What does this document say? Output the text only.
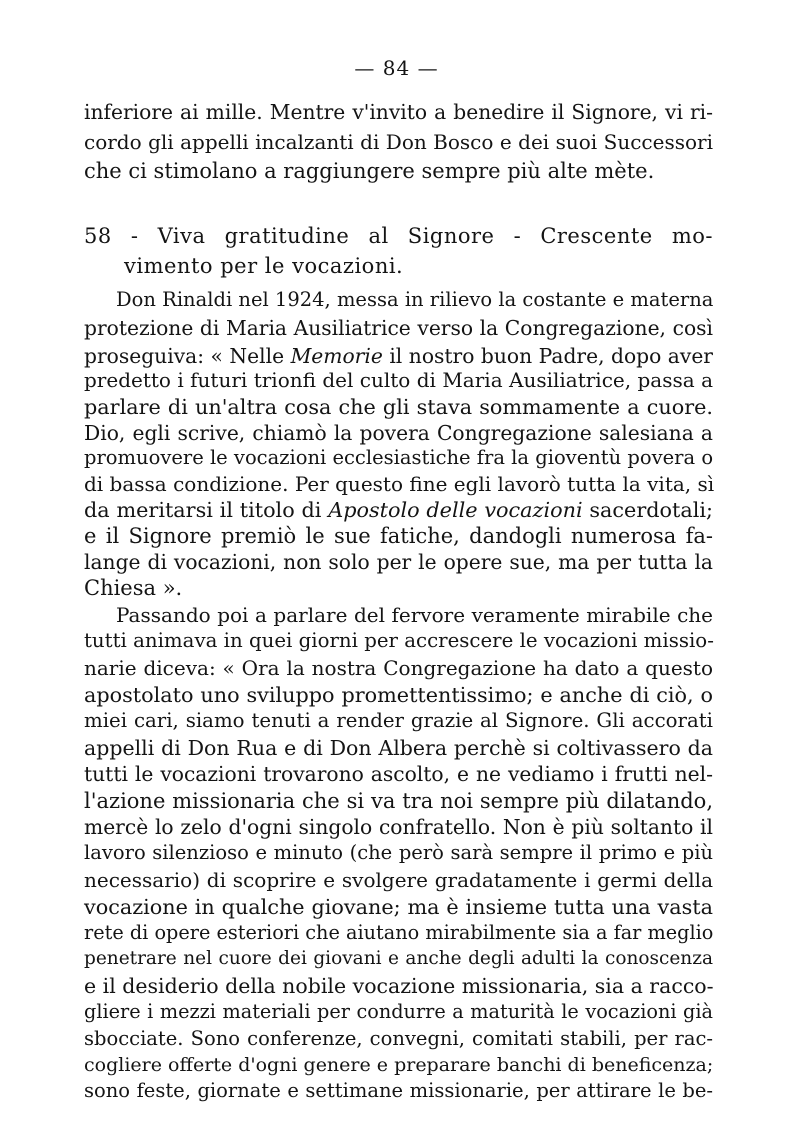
— 84 —
inferiore ai mille. Mentre v'invito a benedire il Signore, vi ri-
cordo gli appelli incalzanti di Don Bosco e dei suoi Successori
che ci stimolano a raggiungere sempre più alte mète.
58 - Viva gratitudine al Signore - Crescente mo-
vimento per le vocazioni.
Don Rinaldi nel 1924, messa in rilievo la costante e materna
protezione di Maria Ausiliatrice verso la Congregazione, così
proseguiva: « Nelle Memorie il nostro buon Padre, dopo aver
predetto i futuri trionfi del culto di Maria Ausiliatrice, passa a
parlare di un'altra cosa che gli stava sommamente a cuore.
Dio, egli scrive, chiamò la povera Congregazione salesiana a
promuovere le vocazioni ecclesiastiche fra la gioventù povera o
di bassa condizione. Per questo fine egli lavorò tutta la vita, sì
da meritarsi il titolo di Apostolo delle vocazioni sacerdotali;
e il Signore premiò le sue fatiche, dandogli numerosa fa-
lange di vocazioni, non solo per le opere sue, ma per tutta la
Chiesa ».
Passando poi a parlare del fervore veramente mirabile che
tutti animava in quei giorni per accrescere le vocazioni missio-
narie diceva: « Ora la nostra Congregazione ha dato a questo
apostolato uno sviluppo promettentissimo; e anche di ciò, o
miei cari, siamo tenuti a render grazie al Signore. Gli accorati
appelli di Don Rua e di Don Albera perchè si coltivassero da
tutti le vocazioni trovarono ascolto, e ne vediamo i frutti nel-
l'azione missionaria che si va tra noi sempre più dilatando,
mercè lo zelo d'ogni singolo confratello. Non è più soltanto il
lavoro silenzioso e minuto (che però sarà sempre il primo e più
necessario) di scoprire e svolgere gradatamente i germi della
vocazione in qualche giovane; ma è insieme tutta una vasta
rete di opere esteriori che aiutano mirabilmente sia a far meglio
penetrare nel cuore dei giovani e anche degli adulti la conoscenza
e il desiderio della nobile vocazione missionaria, sia a racco-
gliere i mezzi materiali per condurre a maturità le vocazioni già
sbocciate. Sono conferenze, convegni, comitati stabili, per rac-
cogliere offerte d'ogni genere e preparare banchi di beneficenza;
sono feste, giornate e settimane missionarie, per attirare le be-
